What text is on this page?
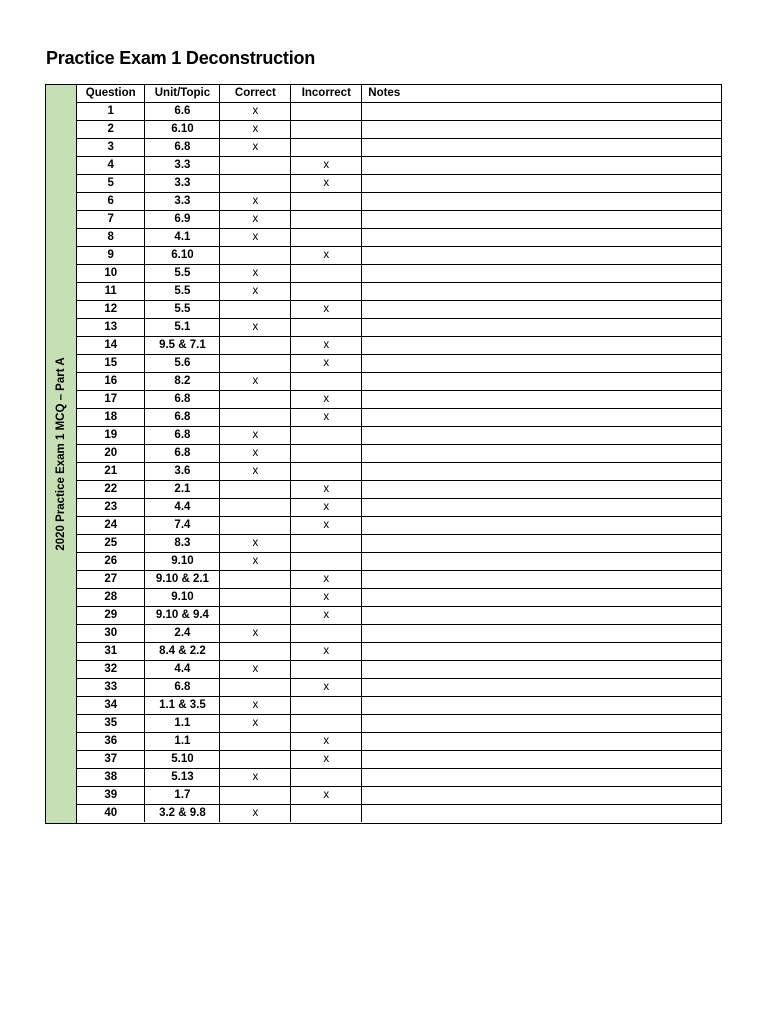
Practice Exam 1 Deconstruction
2020 Practice Exam 1 MCQ – Part A
Question	Unit/Topic	Correct	Incorrect	Notes
1	6.6	x		
2	6.10	x		
3	6.8	x		
4	3.3		x	
5	3.3		x	
6	3.3	x		
7	6.9	x		
8	4.1	x		
9	6.10		x	
10	5.5	x		
11	5.5	x		
12	5.5		x	
13	5.1	x		
14	9.5 & 7.1		x	
15	5.6		x	
16	8.2	x		
17	6.8		x	
18	6.8		x	
19	6.8	x		
20	6.8	x		
21	3.6	x		
22	2.1		x	
23	4.4		x	
24	7.4		x	
25	8.3	x		
26	9.10	x		
27	9.10 & 2.1		x	
28	9.10		x	
29	9.10 & 9.4		x	
30	2.4	x		
31	8.4 & 2.2		x	
32	4.4	x		
33	6.8		x	
34	1.1 & 3.5	x		
35	1.1	x		
36	1.1		x	
37	5.10		x	
38	5.13	x		
39	1.7		x	
40	3.2 & 9.8	x		
